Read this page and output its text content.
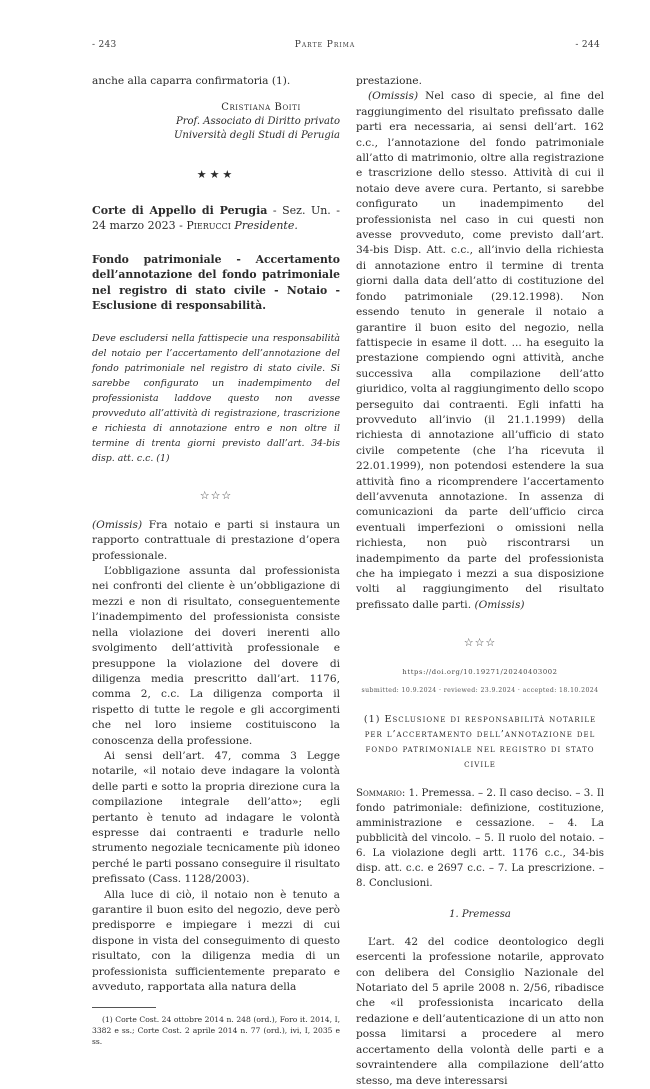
- 243	Parte Prima	- 244

anche alla caparra confirmatoria (1).

Cristiana Boiti
Prof. Associato di Diritto privato
Università degli Studi di Perugia
★★★

Corte di Appello di Perugia - Sez. Un. - 24 marzo 2023 - Pierucci Presidente.

Fondo patrimoniale - Accertamento dell’annotazione del fondo patrimoniale nel registro di stato civile - Notaio - Esclusione di responsabilità.

Deve escludersi nella fattispecie una responsabilità del notaio per l’accertamento dell’annotazione del fondo patrimoniale nel registro di stato civile. Si sarebbe configurato un inadempimento del professionista laddove questo non avesse provveduto all’attività di registrazione, trascrizione e richiesta di annotazione entro e non oltre il termine di trenta giorni previsto dall’art. 34-bis disp. att. c.c. (1)

☆☆☆

(Omissis) Fra notaio e parti si instaura un rapporto contrattuale di prestazione d’opera professionale.

L’obbligazione assunta dal professionista nei confronti del cliente è un’obbligazione di mezzi e non di risultato, conseguentemente l’inadempimento del professionista consiste nella violazione dei doveri inerenti allo svolgimento dell’attività professionale e presuppone la violazione del dovere di diligenza media prescritto dall’art. 1176, comma 2, c.c. La diligenza comporta il rispetto di tutte le regole e gli accorgimenti che nel loro insieme costituiscono la conoscenza della professione.

Ai sensi dell’art. 47, comma 3 Legge notarile, «il notaio deve indagare la volontà delle parti e sotto la propria direzione cura la compilazione integrale dell’atto»; egli pertanto è tenuto ad indagare le volontà espresse dai contraenti e tradurle nello strumento negoziale tecnicamente più idoneo perché le parti possano conseguire il risultato prefissato (Cass. 1128/2003).

Alla luce di ciò, il notaio non è tenuto a garantire il buon esito del negozio, deve però predisporre e impiegare i mezzi di cui dispone in vista del conseguimento di questo risultato, con la diligenza media di un professionista sufficientemente preparato e avveduto, rapportata alla natura della

(1) Corte Cost. 24 ottobre 2014 n. 248 (ord.), Foro it. 2014, I, 3382 e ss.; Corte Cost. 2 aprile 2014 n. 77 (ord.), ivi, I, 2035 e ss.

prestazione.

(Omissis) Nel caso di specie, al fine del raggiungimento del risultato prefissato dalle parti era necessaria, ai sensi dell’art. 162 c.c., l’annotazione del fondo patrimoniale all’atto di matrimonio, oltre alla registrazione e trascrizione dello stesso. Attività di cui il notaio deve avere cura. Pertanto, si sarebbe configurato un inadempimento del professionista nel caso in cui questi non avesse provveduto, come previsto dall’art. 34-bis Disp. Att. c.c., all’invio della richiesta di annotazione entro il termine di trenta giorni dalla data dell’atto di costituzione del fondo patrimoniale (29.12.1998). Non essendo tenuto in generale il notaio a garantire il buon esito del negozio, nella fattispecie in esame il dott. ... ha eseguito la prestazione compiendo ogni attività, anche successiva alla compilazione dell’atto giuridico, volta al raggiungimento dello scopo perseguito dai contraenti. Egli infatti ha provveduto all’invio (il 21.1.1999) della richiesta di annotazione all’ufficio di stato civile competente (che l’ha ricevuta il 22.01.1999), non potendosi estendere la sua attività fino a ricomprendere l’accertamento dell’avvenuta annotazione. In assenza di comunicazioni da parte dell’ufficio circa eventuali imperfezioni o omissioni nella richiesta, non può riscontrarsi un inadempimento da parte del professionista che ha impiegato i mezzi a sua disposizione volti al raggiungimento del risultato prefissato dalle parti. (Omissis)

☆☆☆
https://doi.org/10.19271/20240403002
submitted: 10.9.2024 · reviewed: 23.9.2024 · accepted: 18.10.2024

(1) Esclusione di responsabilità notarile per l’accertamento dell’annotazione del fondo patrimoniale nel registro di stato civile

Sommario: 1. Premessa. – 2. Il caso deciso. – 3. Il fondo patrimoniale: definizione, costituzione, amministrazione e cessazione. – 4. La pubblicità del vincolo. – 5. Il ruolo del notaio. – 6. La violazione degli artt. 1176 c.c., 34-bis disp. att. c.c. e 2697 c.c. – 7. La prescrizione. – 8. Conclusioni.

1. Premessa

L’art. 42 del codice deontologico degli esercenti la professione notarile, approvato con delibera del Consiglio Nazionale del Notariato del 5 aprile 2008 n. 2/56, ribadisce che «il professionista incaricato della redazione e dell’autenticazione di un atto non possa limitarsi a procedere al mero accertamento della volontà delle parti e a sovraintendere alla compilazione dell’atto stesso, ma deve interessarsi
